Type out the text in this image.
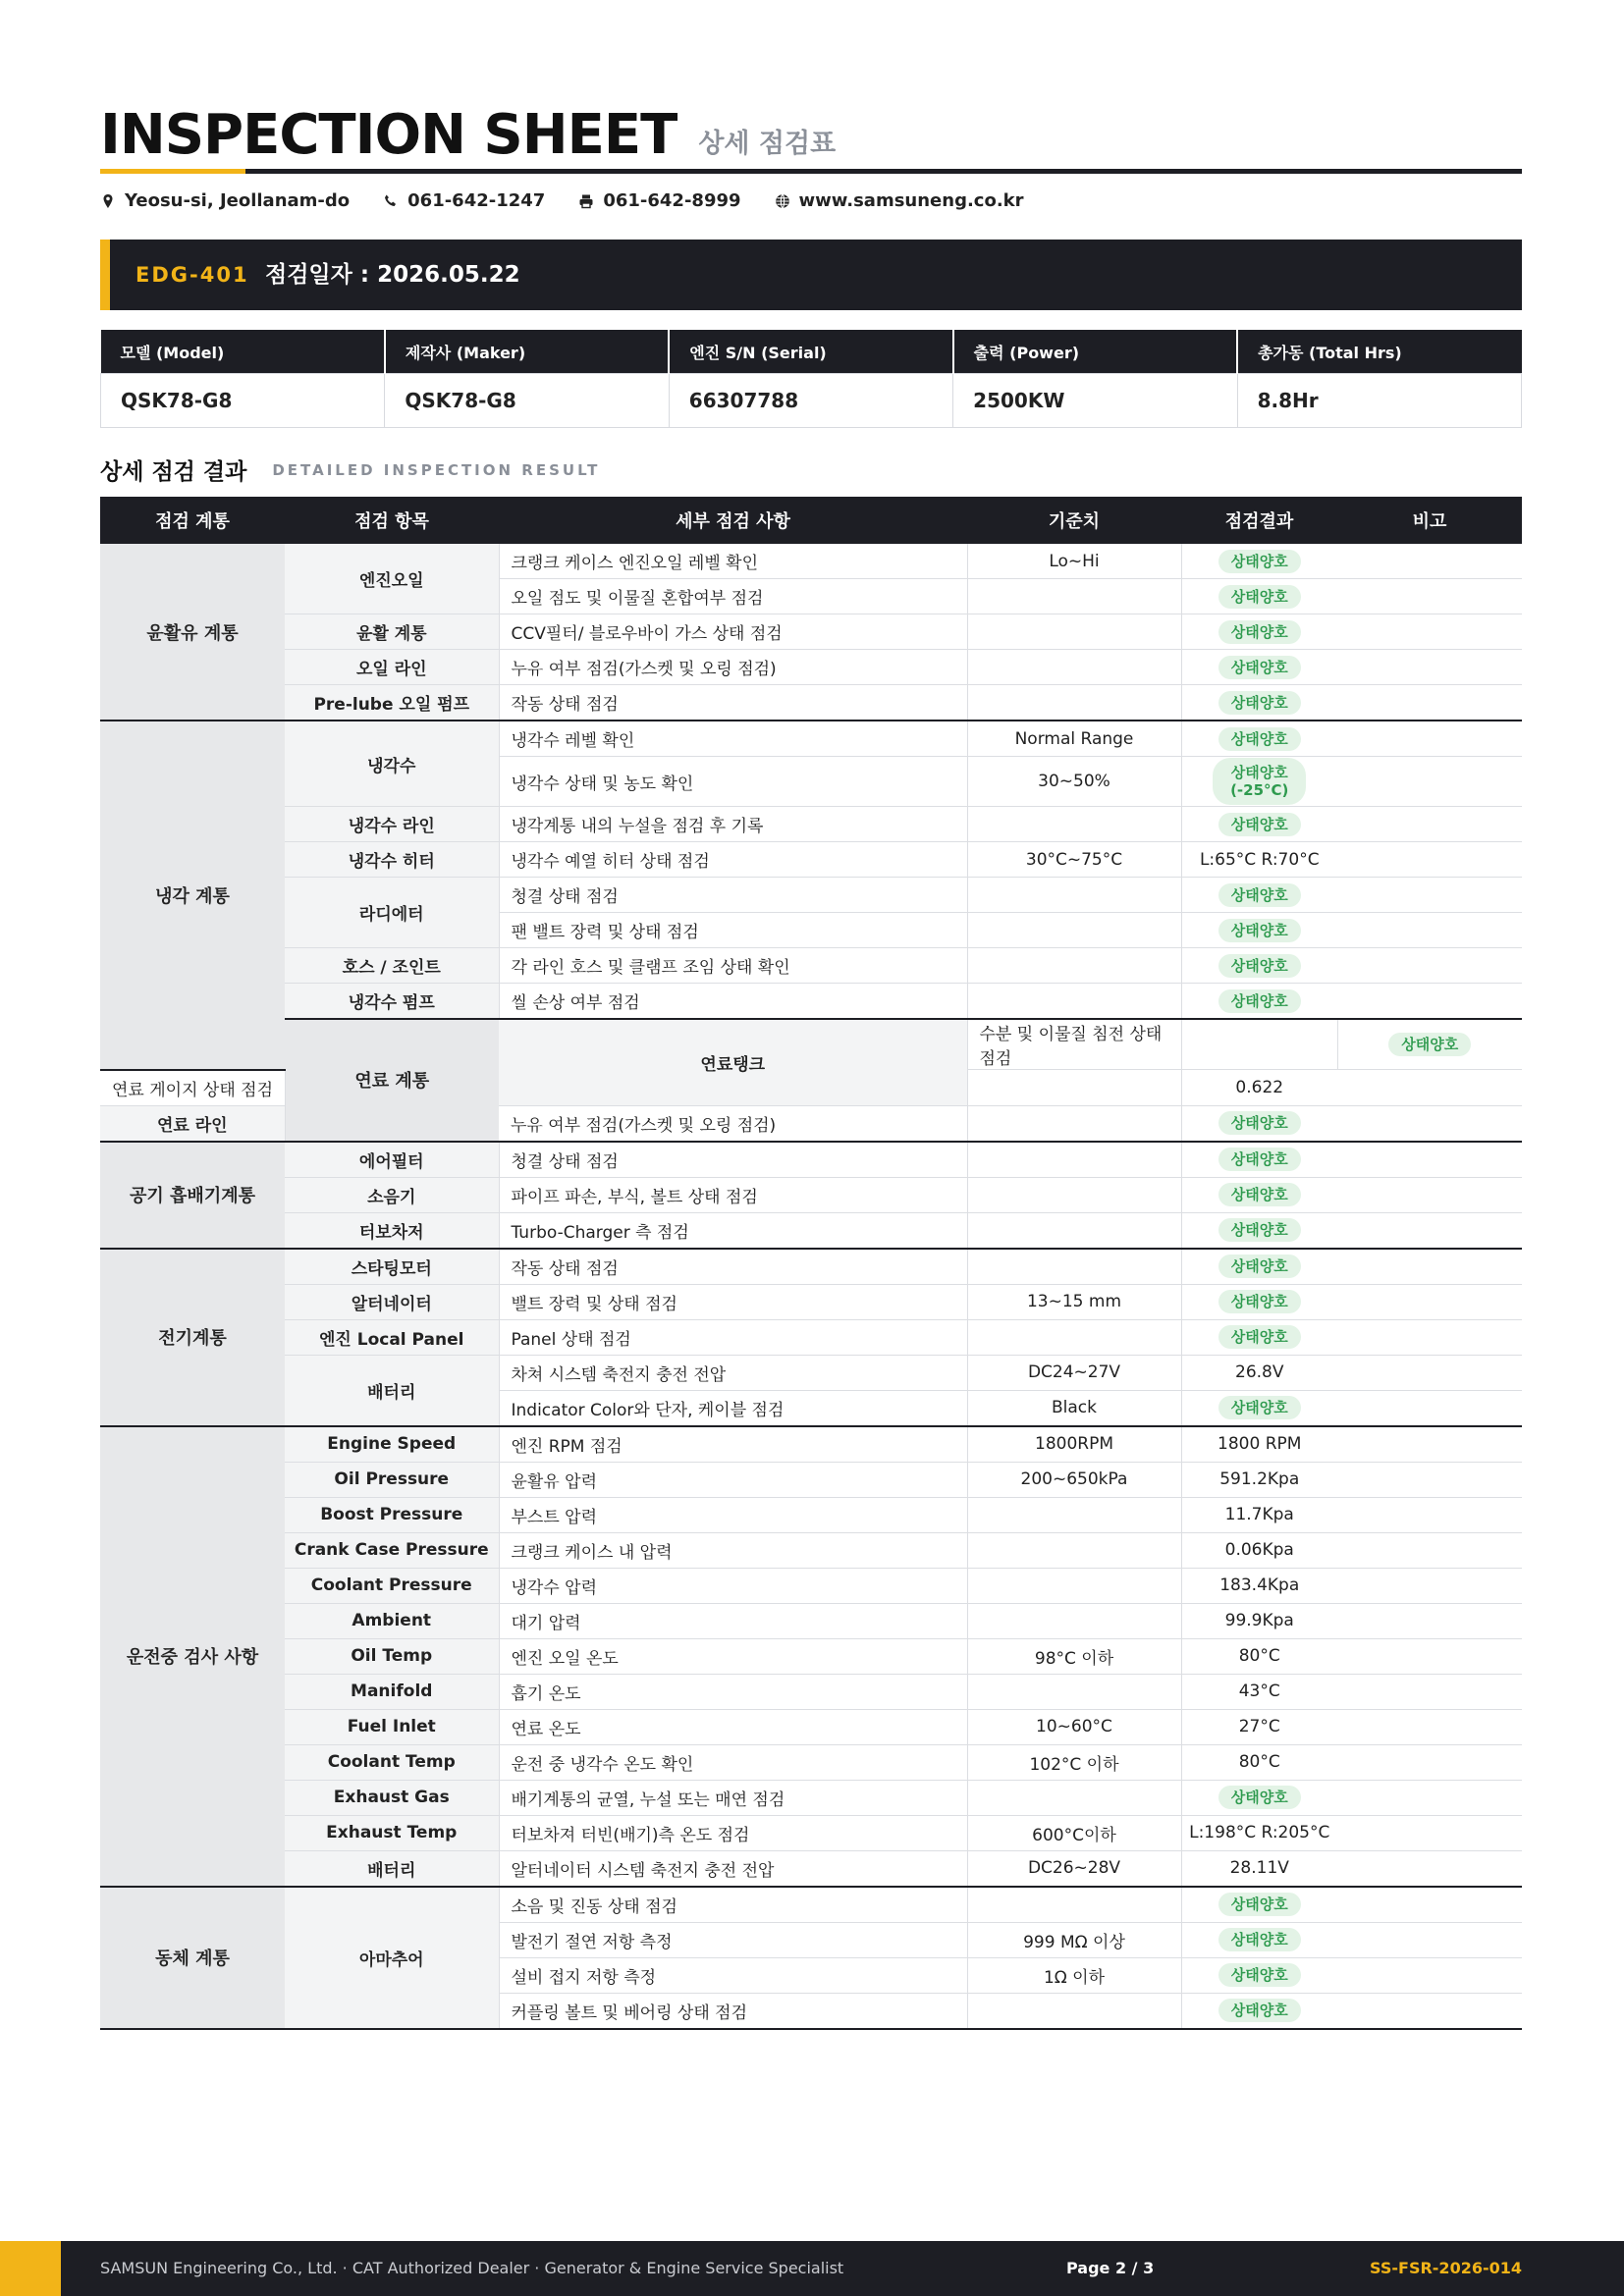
INSPECTION SHEET 상세 점검표
Yeosu-si, Jeollanam-do	061-642-1247	061-642-8999	www.samsuneng.co.kr
EDG-401 점검일자 : 2026.05.22
모델 (Model)	제작사 (Maker)	엔진 S/N (Serial)	출력 (Power)	총가동 (Total Hrs)
QSK78-G8	QSK78-G8	66307788	2500KW	8.8Hr
상세 점검 결과 DETAILED INSPECTION RESULT
점검 계통	점검 항목	세부 점검 사항	기준치	점검결과	비고	
윤활유 계통	엔진오일	크랭크 케이스 엔진오일 레벨 확인	Lo~Hi	상태양호		
		오일 점도 및 이물질 혼합여부 점검		상태양호		
	윤활 계통	CCV필터/ 블로우바이 가스 상태 점검		상태양호		
	오일 라인	누유 여부 점검(가스켓 및 오링 점검)		상태양호		
	Pre-lube 오일 펌프	작동 상태 점검		상태양호		
냉각 계통	냉각수	냉각수 레벨 확인	Normal Range	상태양호		
		냉각수 상태 및 농도 확인	30~50%	상태양호
(-25°C)		
	냉각수 라인	냉각계통 내의 누설을 점검 후 기록		상태양호		
	냉각수 히터	냉각수 예열 히터 상태 점검	30°C~75°C	L:65°C R:70°C		
	라디에터	청결 상태 점검		상태양호		
		팬 밸트 장력 및 상태 점검		상태양호		
	호스 / 조인트	각 라인 호스 및 클램프 조임 상태 확인		상태양호		
	냉각수 펌프	씰 손상 여부 점검		상태양호		
	연료 계통	연료탱크	수분 및 이물질 침전 상태 점검		상태양호	
연료 게이지 상태 점검				0.622		
연료 라인		누유 여부 점검(가스켓 및 오링 점검)		상태양호		
공기 흡배기계통	에어필터	청결 상태 점검		상태양호		
	소음기	파이프 파손, 부식, 볼트 상태 점검		상태양호		
	터보차저	Turbo-Charger 측 점검		상태양호		
전기계통	스타팅모터	작동 상태 점검		상태양호		
	알터네이터	밸트 장력 및 상태 점검	13~15 mm	상태양호		
	엔진 Local Panel	Panel 상태 점검		상태양호		
	배터리	차쳐 시스템 축전지 충전 전압	DC24~27V	26.8V		
		Indicator Color와 단자, 케이블 점검	Black	상태양호		
운전중 검사 사항	Engine Speed	엔진 RPM 점검	1800RPM	1800 RPM		
	Oil Pressure	윤활유 압력	200~650kPa	591.2Kpa		
	Boost Pressure	부스트 압력		11.7Kpa		
	Crank Case Pressure	크랭크 케이스 내 압력		0.06Kpa		
	Coolant Pressure	냉각수 압력		183.4Kpa		
	Ambient	대기 압력		99.9Kpa		
	Oil Temp	엔진 오일 온도	98°C 이하	80°C		
	Manifold	흡기 온도		43°C		
	Fuel Inlet	연료 온도	10~60°C	27°C		
	Coolant Temp	운전 중 냉각수 온도 확인	102°C 이하	80°C		
	Exhaust Gas	배기계통의 균열, 누설 또는 매연 점검		상태양호		
	Exhaust Temp	터보차져 터빈(배기)측 온도 점검	600°C이하	L:198°C R:205°C		
	배터리	알터네이터 시스템 축전지 충전 전압	DC26~28V	28.11V		
동체 계통	아마추어	소음 및 진동 상태 점검		상태양호		
		발전기 절연 저항 측정	999 MΩ 이상	상태양호		
		설비 접지 저항 측정	1Ω 이하	상태양호		
		커플링 볼트 및 베어링 상태 점검		상태양호		
SAMSUN Engineering Co., Ltd. · CAT Authorized Dealer · Generator & Engine Service Specialist	Page 2 / 3	SS-FSR-2026-014
